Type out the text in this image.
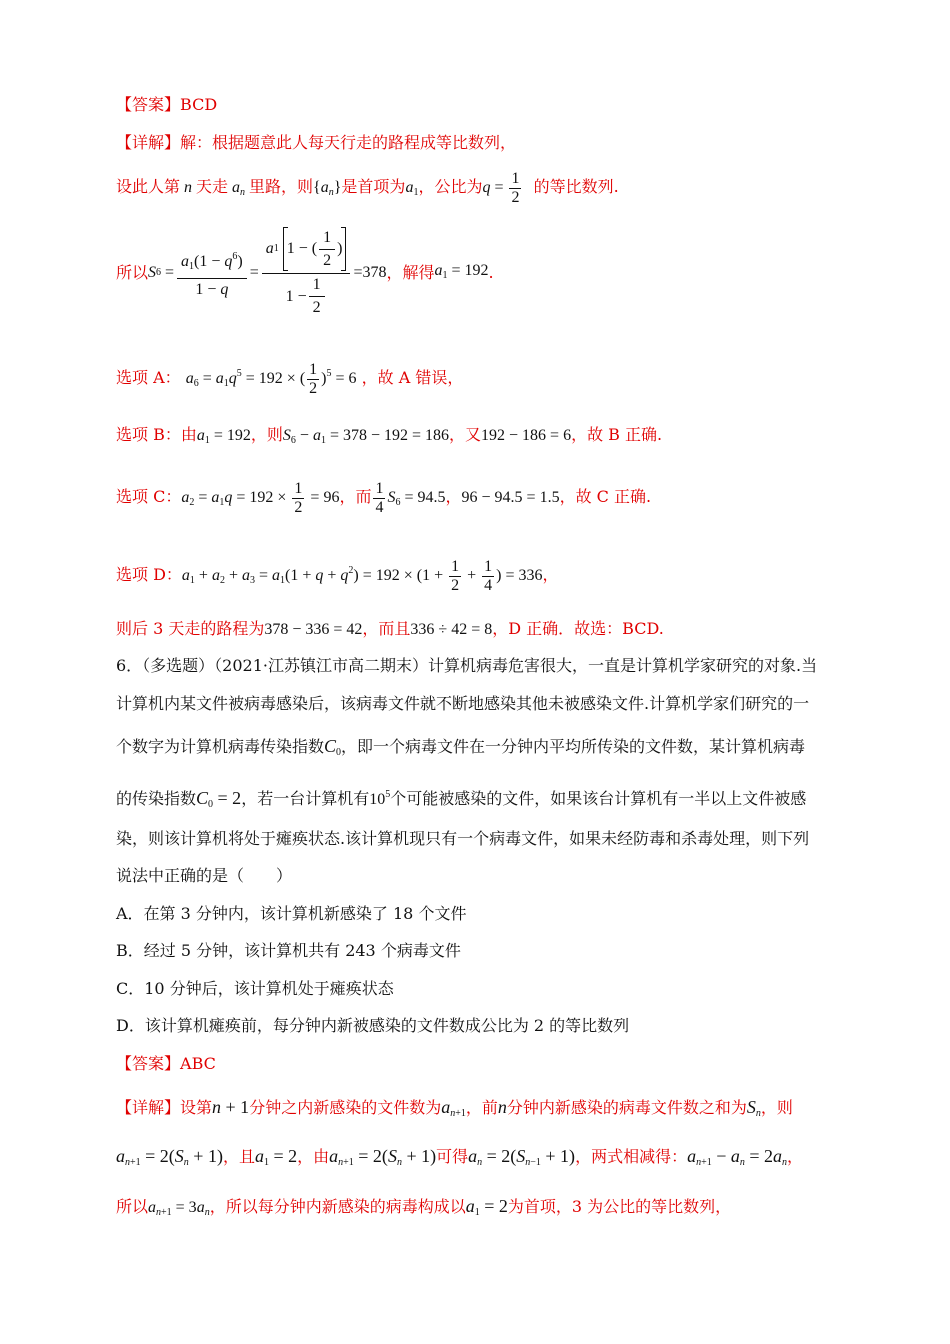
【答案】BCD
【详解】解：根据题意此人每天行走的路程成等比数列，
设此人第 n 天走 $a_n$ 里路，则$\{a_n\}$是首项为$a_1$，公比为$q = \frac{1}{2}$ 的等比数列.
所以 S $6 = \frac{a_1(1 - q^6)}{1 - q} = a$ 1
1 − ( $\frac{1}{2}$ )
$1 - \frac{1}{2} = 378$ ，解得 $a_1 = 192$ .
选项 A： $a_6 = a_1q^5 = 192$ × ( $\frac{1}{2} )^5 = 6$ ，故 A 错误，
选项 B：由$a_1 = 192$，则$S_6 - a_1 = 378 - 192 = 186$，又192 − 186 = 6，故 B 正确.
选项 C：$a_2 = a_1q = 192 \times \frac{1}{2} = 96$，而 $\frac{1}{4} S_6 = 94.5$，96 − 94.5 = 1.5，故 C 正确.
选项 D：$a_1 + a_2 + a_3 = a_1(1 + q + q^2) = 192 \times (1 + \frac{1}{2} + \frac{1}{4}$ ) = 336，
则后 3 天走的路程为378 − 336 = 42，而且336 ÷ 42 = 8，D 正确．故选：BCD.
6．（多选题）（2021·江苏镇江市高二期末）计算机病毒危害很大，一直是计算机学家研究的对象.当
计算机内某文件被病毒感染后，该病毒文件就不断地感染其他未被感染文件.计算机学家们研究的一
个数字为计算机病毒传染指数$C_0$，即一个病毒文件在一分钟内平均所传染的文件数，某计算机病毒
的传染指数$C_0 = 2$，若一台计算机有$10^5$个可能被感染的文件，如果该台计算机有一半以上文件被感
染，则该计算机将处于瘫痪状态.该计算机现只有一个病毒文件，如果未经防毒和杀毒处理，则下列
说法中正确的是（　　）
A．在第 3 分钟内，该计算机新感染了 18 个文件
B．经过 5 分钟，该计算机共有 243 个病毒文件
C．10 分钟后，该计算机处于瘫痪状态
D．该计算机瘫痪前，每分钟内新被感染的文件数成公比为 2 的等比数列
【答案】ABC
【详解】设第n + 1分钟之内新感染的文件数为$a_{n+1}$，前n分钟内新感染的病毒文件数之和为$S_n$，则
$a_{n+1} = 2(S_n + 1)$，且$a_1 = 2$，由$a_{n+1} = 2(S_n + 1)$可得$a_n = 2(S_{n-1} + 1)$，两式相减得：$a_{n+1} - a_n = 2a_n$，
所以$a_{n+1} = 3a_n$，所以每分钟内新感染的病毒构成以$a_1 = 2$为首项，3 为公比的等比数列，
